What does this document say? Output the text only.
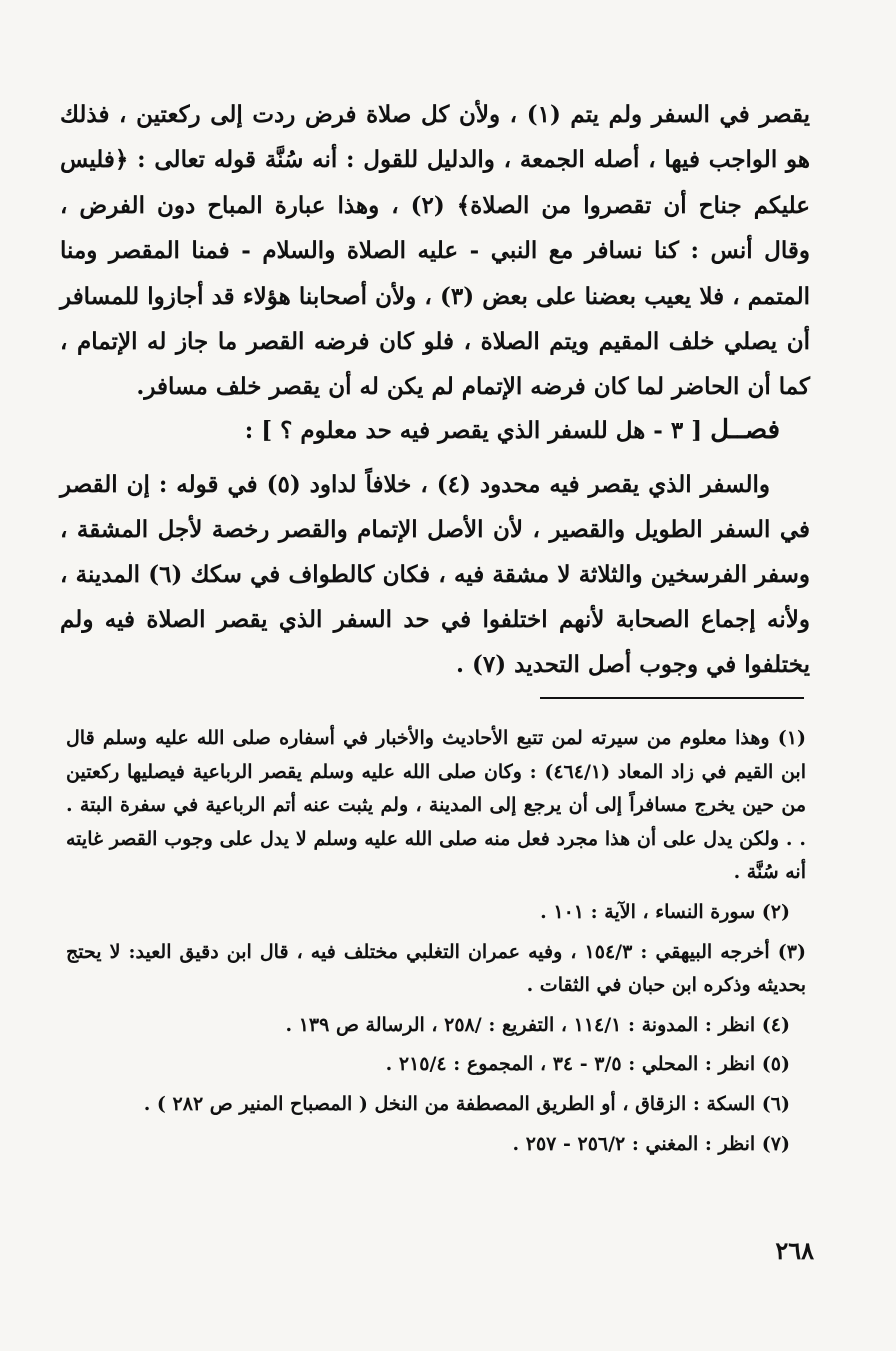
يقصر في السفر ولم يتم (١) ، ولأن كل صلاة فرض ردت إلى ركعتين ، فذلك هو الواجب فيها ، أصله الجمعة ، والدليل للقول : أنه سُنَّة قوله تعالى : ﴿فليس عليكم جناح أن تقصروا من الصلاة﴾ (٢) ، وهذا عبارة المباح دون الفرض ، وقال أنس : كنا نسافر مع النبي - عليه الصلاة والسلام - فمنا المقصر ومنا المتمم ، فلا يعيب بعضنا على بعض (٣) ، ولأن أصحابنا هؤلاء قد أجازوا للمسافر أن يصلي خلف المقيم ويتم الصلاة ، فلو كان فرضه القصر ما جاز له الإتمام ، كما أن الحاضر لما كان فرضه الإتمام لم يكن له أن يقصر خلف مسافر.

فصــل [ ٣ - هل للسفر الذي يقصر فيه حد معلوم ؟ ] :

والسفر الذي يقصر فيه محدود (٤) ، خلافاً لداود (٥) في قوله : إن القصر في السفر الطويل والقصير ، لأن الأصل الإتمام والقصر رخصة لأجل المشقة ، وسفر الفرسخين والثلاثة لا مشقة فيه ، فكان كالطواف في سكك (٦) المدينة ، ولأنه إجماع الصحابة لأنهم اختلفوا في حد السفر الذي يقصر الصلاة فيه ولم يختلفوا في وجوب أصل التحديد (٧) .

(١) وهذا معلوم من سيرته لمن تتبع الأحاديث والأخبار في أسفاره صلى الله عليه وسلم قال ابن القيم في زاد المعاد (٤٦٤/١) : وكان صلى الله عليه وسلم يقصر الرباعية فيصليها ركعتين من حين يخرج مسافراً إلى أن يرجع إلى المدينة ، ولم يثبت عنه أتم الرباعية في سفرة البتة . . . ولكن يدل على أن هذا مجرد فعل منه صلى الله عليه وسلم لا يدل على وجوب القصر غايته أنه سُنَّة .

(٢) سورة النساء ، الآية : ١٠١ .

(٣) أخرجه البيهقي : ١٥٤/٣ ، وفيه عمران التغلبي مختلف فيه ، قال ابن دقيق العيد: لا يحتج بحديثه وذكره ابن حبان في الثقات .

(٤) انظر : المدونة : ١١٤/١ ، التفريع : /٢٥٨ ، الرسالة ص ١٣٩ .

(٥) انظر : المحلي : ٣/٥ - ٣٤ ، المجموع : ٢١٥/٤ .

(٦) السكة : الزقاق ، أو الطريق المصطفة من النخل ( المصباح المنير ص ٢٨٢ ) .

(٧) انظر : المغني : ٢٥٦/٢ - ٢٥٧ .

٢٦٨
